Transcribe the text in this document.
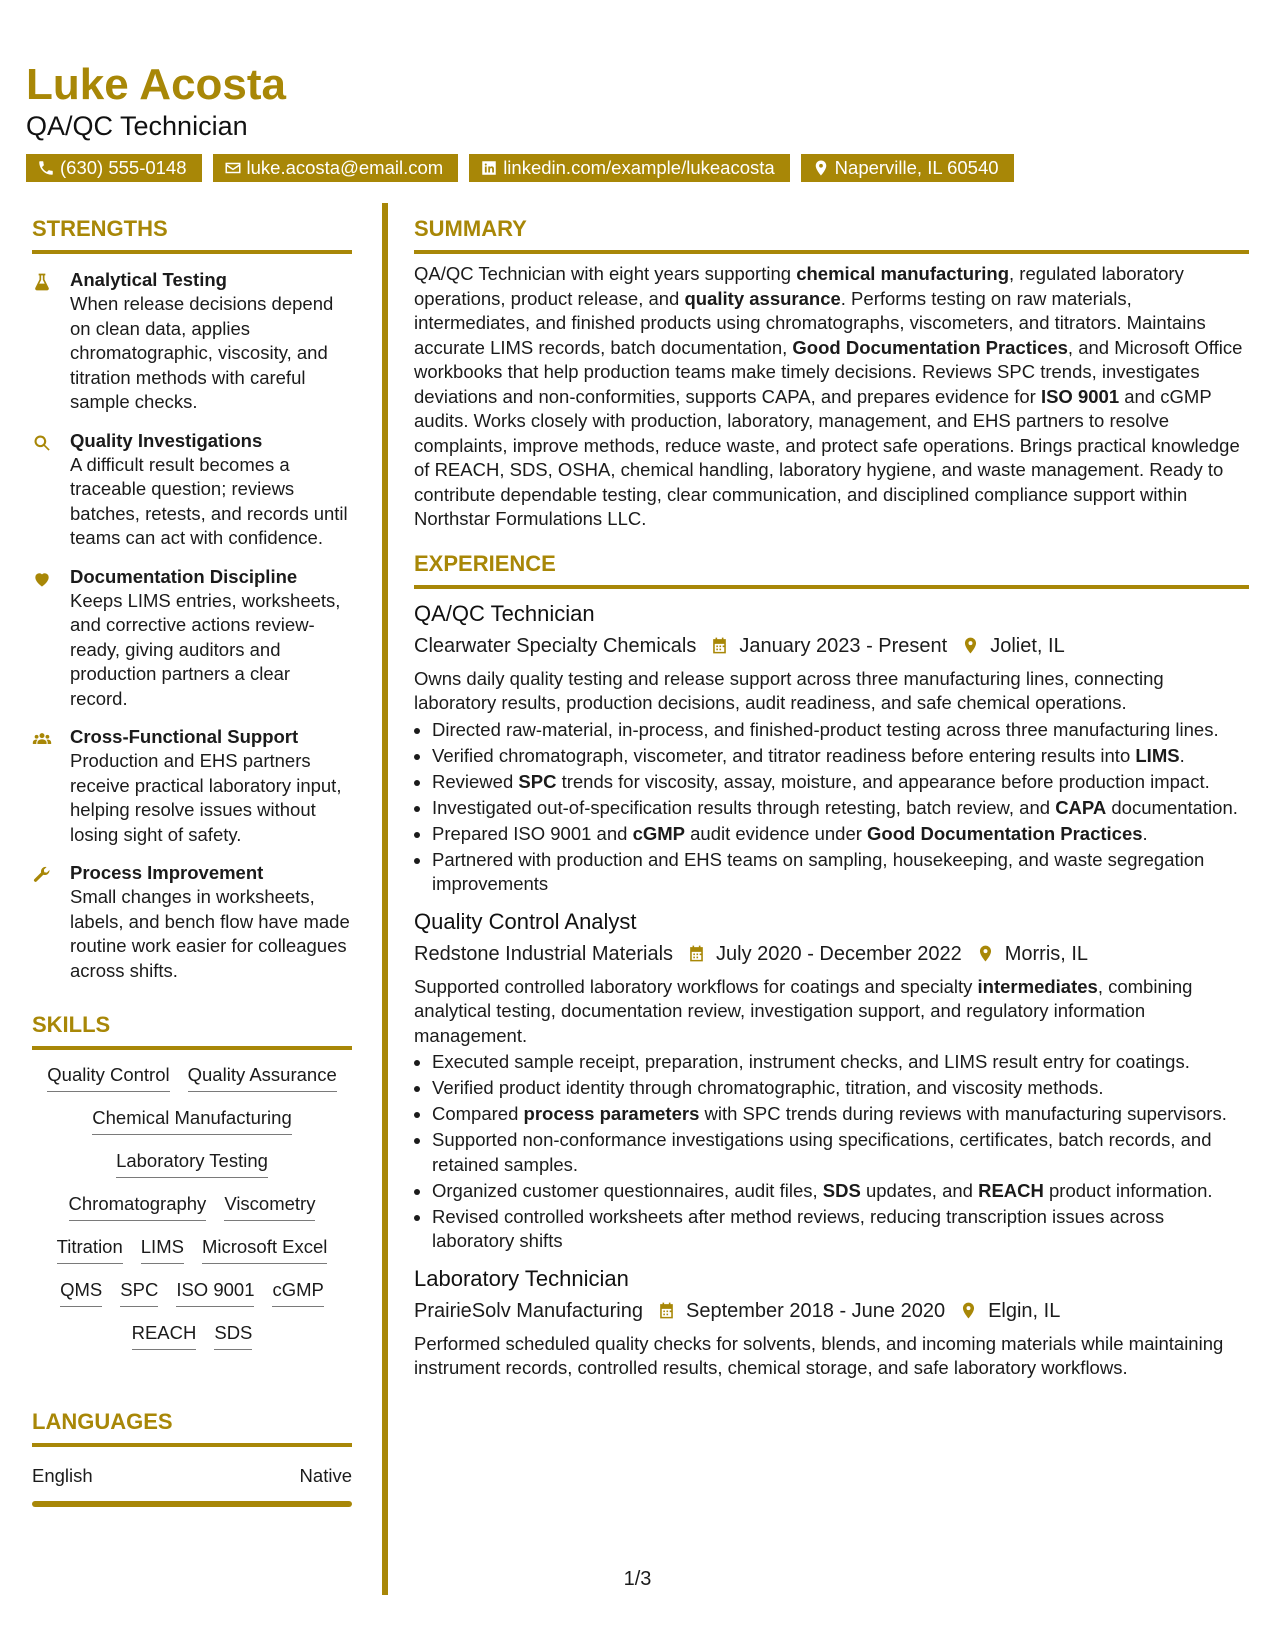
Luke Acosta

QA/QC Technician

(630) 555-0148	luke.acosta@email.com	linkedin.com/example/lukeacosta	Naperville, IL 60540
STRENGTHS
Analytical Testing
When release decisions depend on clean data, applies chromatographic, viscosity, and titration methods with careful sample checks.
Quality Investigations
A difficult result becomes a traceable question; reviews batches, retests, and records until teams can act with confidence.
Documentation Discipline
Keeps LIMS entries, worksheets, and corrective actions review-ready, giving auditors and production partners a clear record.
Cross-Functional Support
Production and EHS partners receive practical laboratory input, helping resolve issues without losing sight of safety.
Process Improvement
Small changes in worksheets, labels, and bench flow have made routine work easier for colleagues across shifts.
SKILLS
Quality Control Quality Assurance
Chemical Manufacturing
Laboratory Testing
Chromatography Viscometry
Titration LIMS Microsoft Excel
QMS SPC ISO 9001 cGMP
REACH SDS
LANGUAGES
English	Native
SUMMARY
QA/QC Technician with eight years supporting chemical manufacturing, regulated laboratory operations, product release, and quality assurance. Performs testing on raw materials, intermediates, and finished products using chromatographs, viscometers, and titrators. Maintains accurate LIMS records, batch documentation, Good Documentation Practices, and Microsoft Office workbooks that help production teams make timely decisions. Reviews SPC trends, investigates deviations and non-conformities, supports CAPA, and prepares evidence for ISO 9001 and cGMP audits. Works closely with production, laboratory, management, and EHS partners to resolve complaints, improve methods, reduce waste, and protect safe operations. Brings practical knowledge of REACH, SDS, OSHA, chemical handling, laboratory hygiene, and waste management. Ready to contribute dependable testing, clear communication, and disciplined compliance support within Northstar Formulations LLC.
EXPERIENCE
QA/QC Technician
Clearwater Specialty Chemicals January 2023 - Present Joliet, IL
Owns daily quality testing and release support across three manufacturing lines, connecting laboratory results, production decisions, audit readiness, and safe chemical operations.
• Directed raw-material, in-process, and finished-product testing across three manufacturing lines.
• Verified chromatograph, viscometer, and titrator readiness before entering results into LIMS.
• Reviewed SPC trends for viscosity, assay, moisture, and appearance before production impact.
• Investigated out-of-specification results through retesting, batch review, and CAPA documentation.
• Prepared ISO 9001 and cGMP audit evidence under Good Documentation Practices.
• Partnered with production and EHS teams on sampling, housekeeping, and waste segregation improvements
Quality Control Analyst
Redstone Industrial Materials July 2020 - December 2022 Morris, IL
Supported controlled laboratory workflows for coatings and specialty intermediates, combining analytical testing, documentation review, investigation support, and regulatory information management.
• Executed sample receipt, preparation, instrument checks, and LIMS result entry for coatings.
• Verified product identity through chromatographic, titration, and viscosity methods.
• Compared process parameters with SPC trends during reviews with manufacturing supervisors.
• Supported non-conformance investigations using specifications, certificates, batch records, and retained samples.
• Organized customer questionnaires, audit files, SDS updates, and REACH product information.
• Revised controlled worksheets after method reviews, reducing transcription issues across laboratory shifts
Laboratory Technician
PrairieSolv Manufacturing September 2018 - June 2020 Elgin, IL
Performed scheduled quality checks for solvents, blends, and incoming materials while maintaining instrument records, controlled results, chemical storage, and safe laboratory workflows.
1/3
